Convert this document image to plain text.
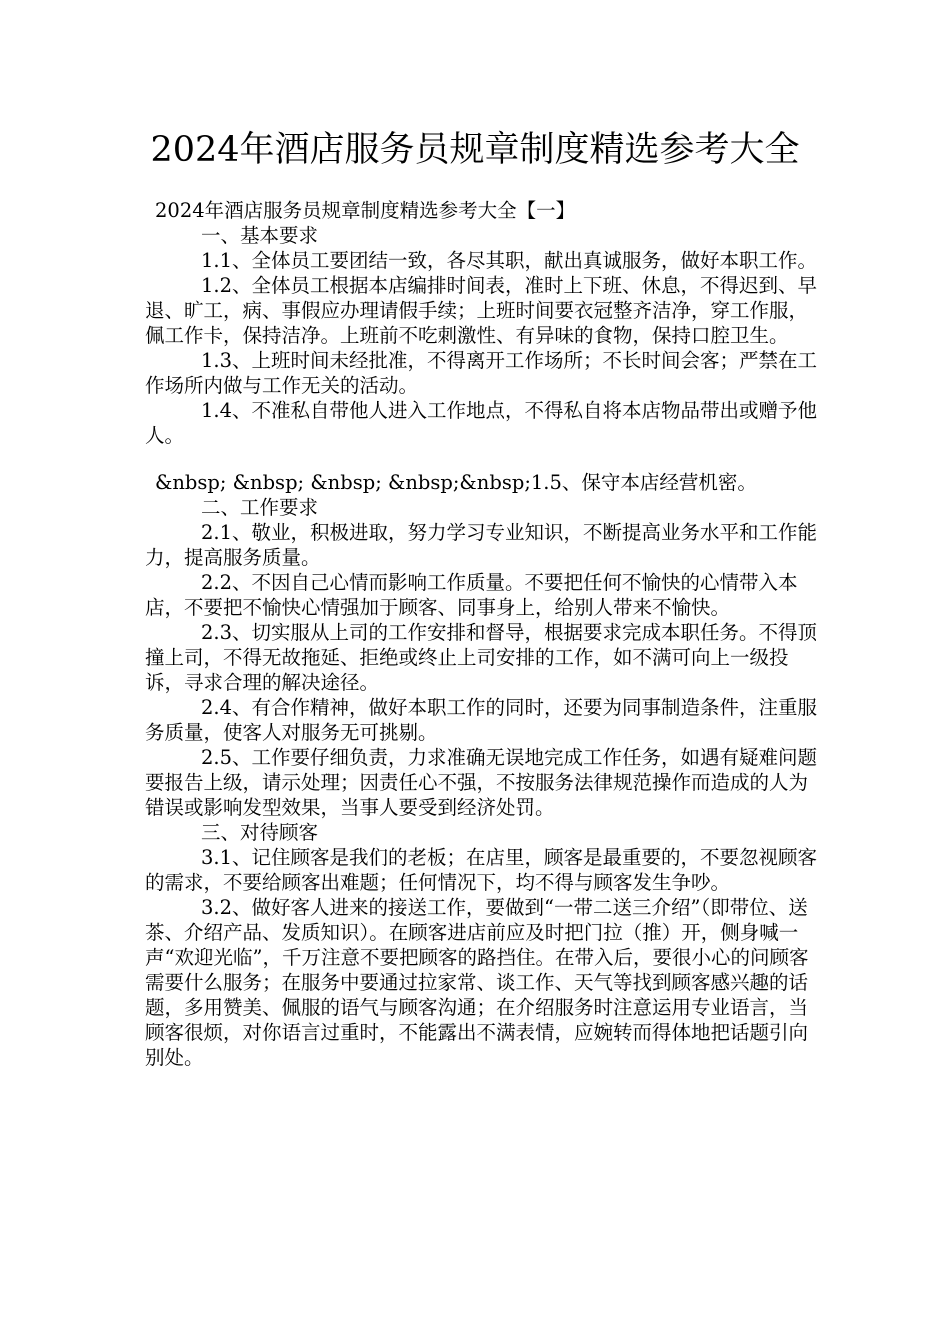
2024年酒店服务员规章制度精选参考大全

2024年酒店服务员规章制度精选参考大全【一】

一、基本要求

1.1、全体员工要团结一致，各尽其职，献出真诚服务，做好本职工作。

1.2、全体员工根据本店编排时间表，准时上下班、休息，不得迟到、早退、旷工，病、事假应办理请假手续；上班时间要衣冠整齐洁净，穿工作服，佩工作卡，保持洁净。上班前不吃刺激性、有异味的食物，保持口腔卫生。

1.3、上班时间未经批准，不得离开工作场所；不长时间会客；严禁在工作场所内做与工作无关的活动。

1.4、不准私自带他人进入工作地点，不得私自将本店物品带出或赠予他人。

&nbsp; &nbsp; &nbsp; &nbsp;&nbsp;1.5、保守本店经营机密。

二、工作要求

2.1、敬业，积极进取，努力学习专业知识，不断提高业务水平和工作能力，提高服务质量。

2.2、不因自己心情而影响工作质量。不要把任何不愉快的心情带入本店，不要把不愉快心情强加于顾客、同事身上，给别人带来不愉快。

2.3、切实服从上司的工作安排和督导，根据要求完成本职任务。不得顶撞上司，不得无故拖延、拒绝或终止上司安排的工作，如不满可向上一级投诉，寻求合理的解决途径。

2.4、有合作精神，做好本职工作的同时，还要为同事制造条件，注重服务质量，使客人对服务无可挑剔。

2.5、工作要仔细负责，力求准确无误地完成工作任务，如遇有疑难问题要报告上级，请示处理；因责任心不强，不按服务法律规范操作而造成的人为错误或影响发型效果，当事人要受到经济处罚。

三、对待顾客

3.1、记住顾客是我们的老板；在店里，顾客是最重要的，不要忽视顾客的需求，不要给顾客出难题；任何情况下，均不得与顾客发生争吵。

3.2、做好客人进来的接送工作，要做到“一带二送三介绍”（即带位、送茶、介绍产品、发质知识）。在顾客进店前应及时把门拉（推）开，侧身喊一声“欢迎光临”，千万注意不要把顾客的路挡住。在带入后，要很小心的问顾客需要什么服务；在服务中要通过拉家常、谈工作、天气等找到顾客感兴趣的话题，多用赞美、佩服的语气与顾客沟通；在介绍服务时注意运用专业语言，当顾客很烦，对你语言过重时，不能露出不满表情，应婉转而得体地把话题引向别处。
